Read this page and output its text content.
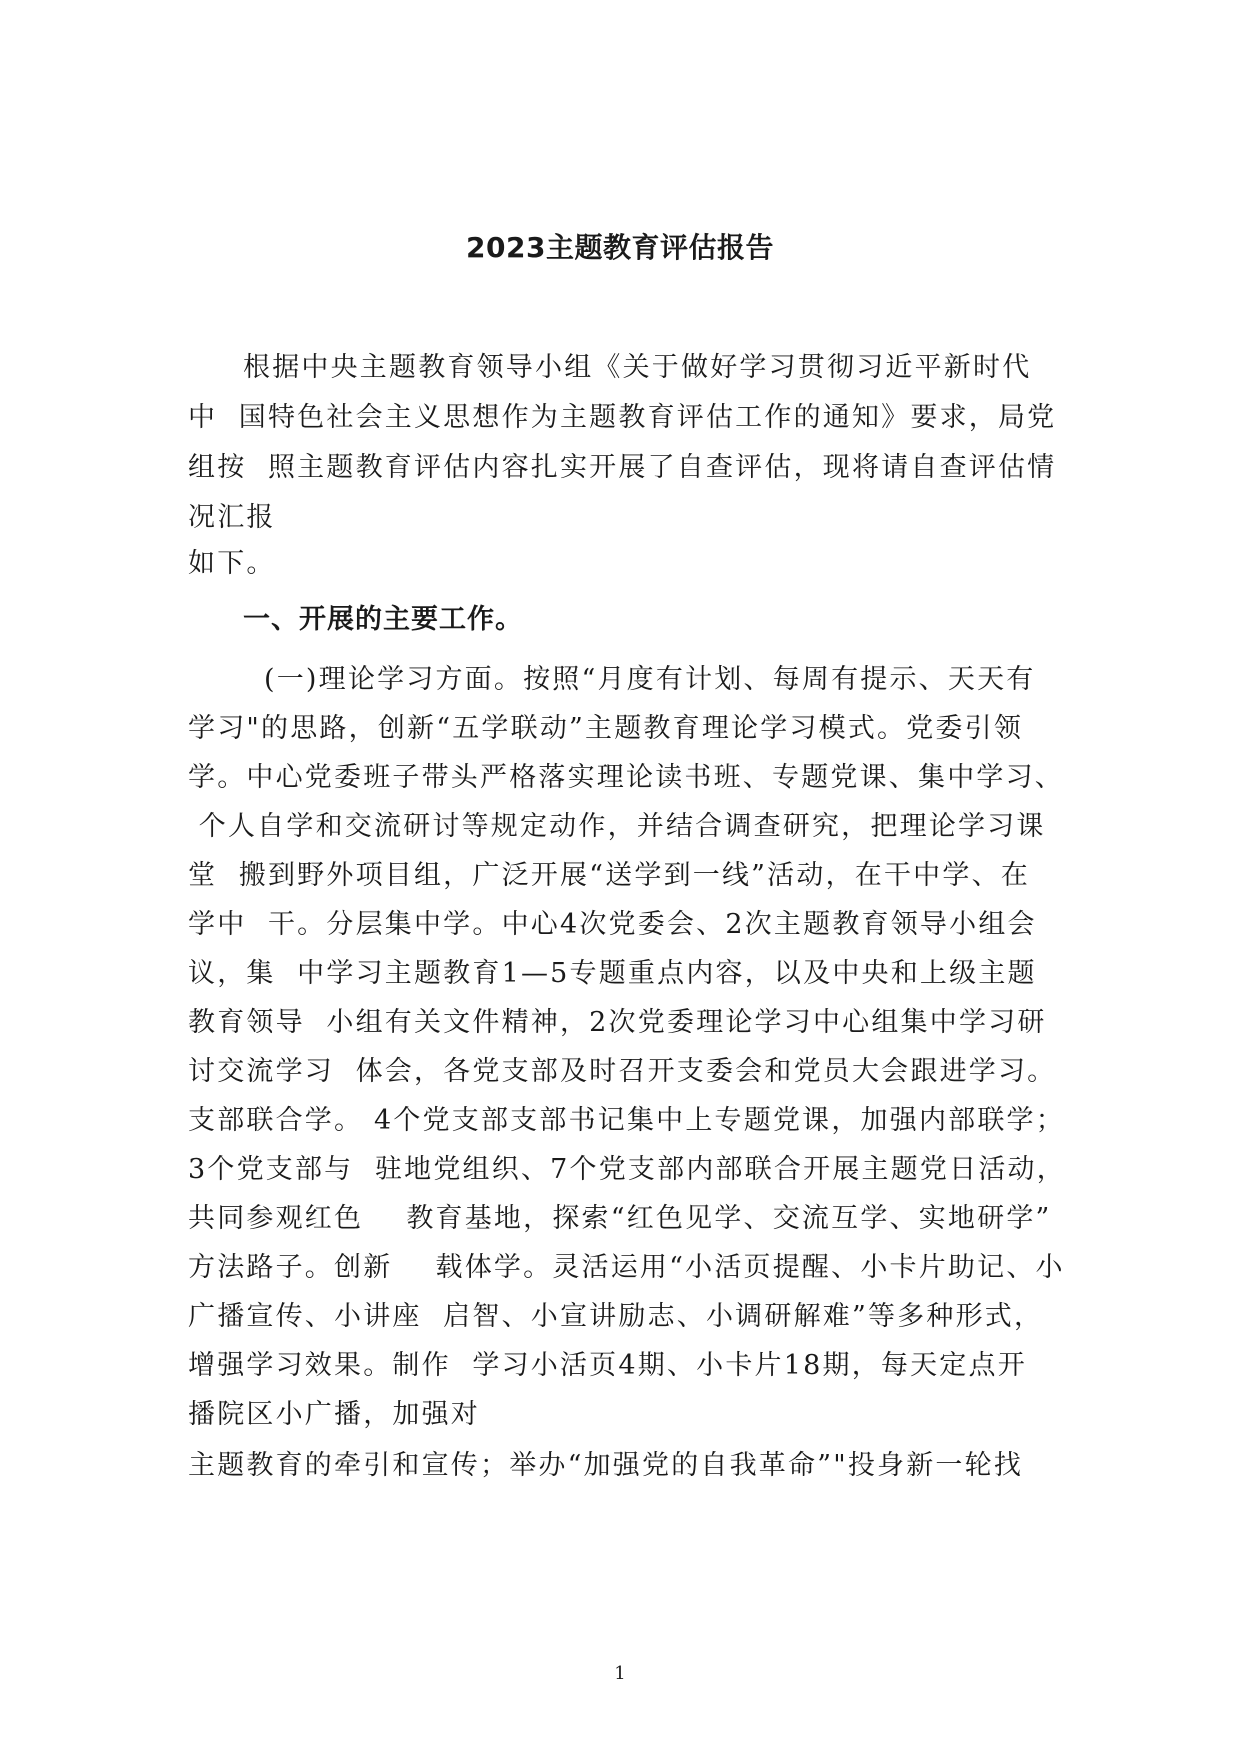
2023主题教育评估报告
根据中央主题教育领导小组《关于做好学习贯彻习近平新时代
中  国特色社会主义思想作为主题教育评估工作的通知》要求，局党
组按  照主题教育评估内容扎实开展了自查评估，现将请自查评估情
况汇报
如下。
一、开展的主要工作。
(一)理论学习方面。按照“月度有计划、每周有提示、天天有
学习"的思路，创新“五学联动”主题教育理论学习模式。党委引领
学。中心党委班子带头严格落实理论读书班、专题党课、集中学习、
个人自学和交流研讨等规定动作，并结合调查研究，把理论学习课
堂  搬到野外项目组，广泛开展“送学到一线”活动，在干中学、在
学中  干。分层集中学。中心4次党委会、2次主题教育领导小组会
议，集  中学习主题教育1—5专题重点内容，以及中央和上级主题
教育领导  小组有关文件精神，2次党委理论学习中心组集中学习研
讨交流学习  体会，各党支部及时召开支委会和党员大会跟进学习。
支部联合学。 4个党支部支部书记集中上专题党课，加强内部联学；
3个党支部与  驻地党组织、7个党支部内部联合开展主题党日活动，
共同参观红色    教育基地，探索“红色见学、交流互学、实地研学”
方法路子。创新    载体学。灵活运用“小活页提醒、小卡片助记、小
广播宣传、小讲座  启智、小宣讲励志、小调研解难”等多种形式，
增强学习效果。制作  学习小活页4期、小卡片18期，每天定点开
播院区小广播，加强对
主题教育的牵引和宣传；举办“加强党的自我革命”"投身新一轮找
1
